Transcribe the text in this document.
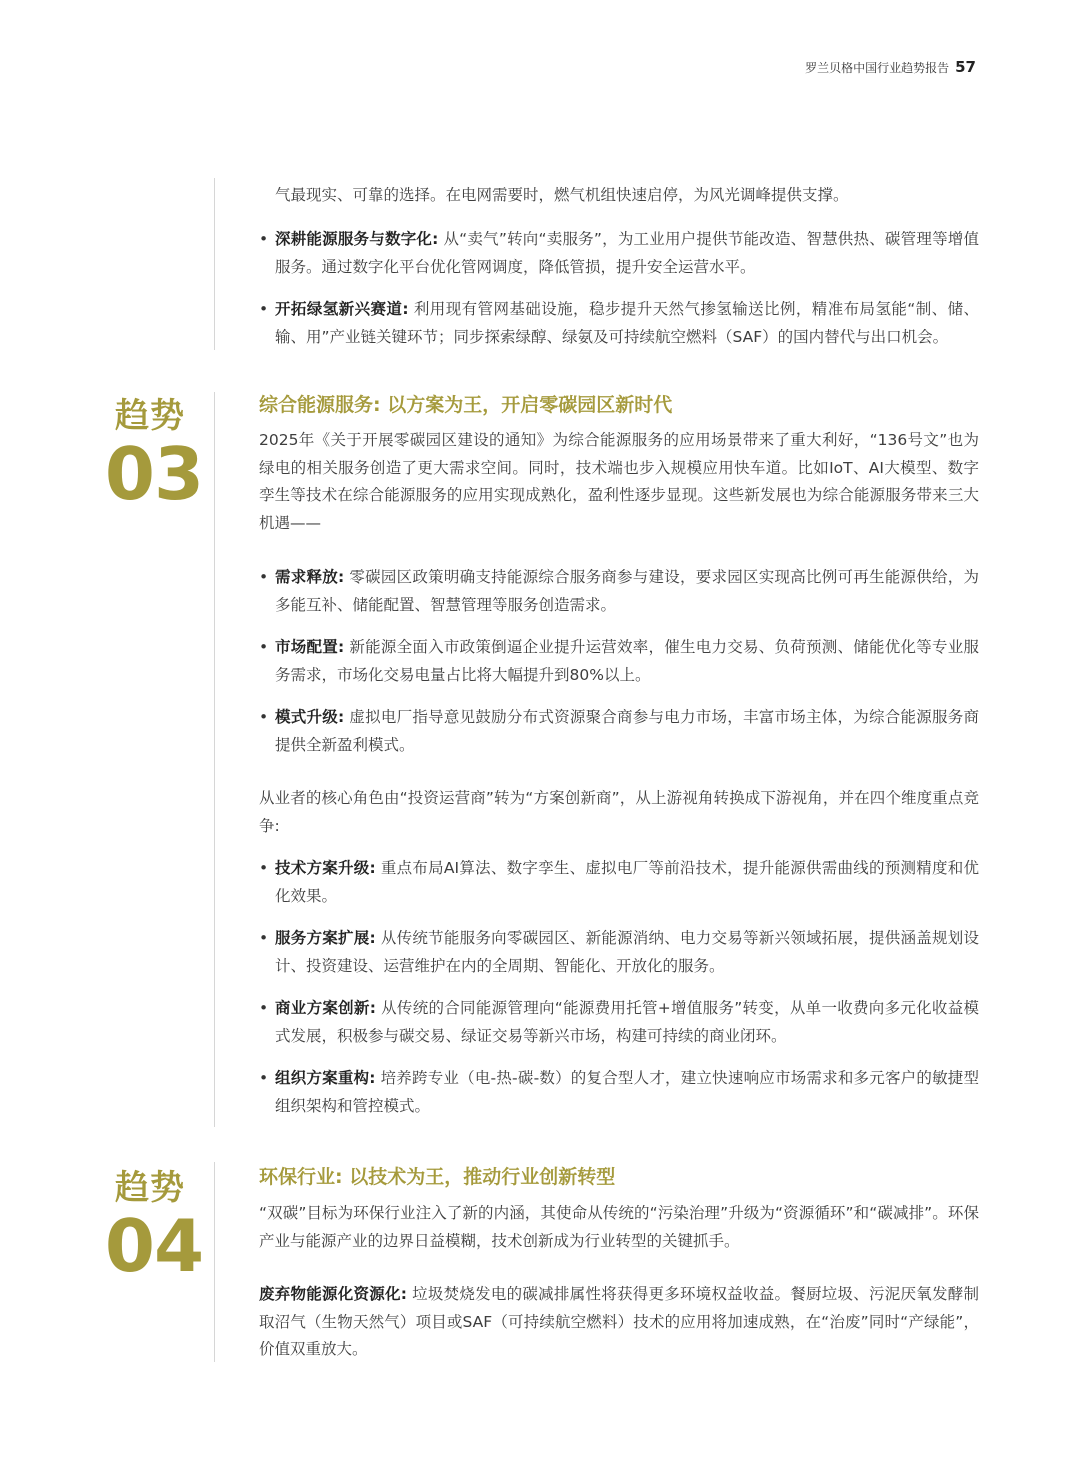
罗兰贝格中国行业趋势报告 57

气最现实、可靠的选择。在电网需要时，燃气机组快速启停，为风光调峰提供支撑。

• 深耕能源服务与数字化: 从“卖气”转向“卖服务”，为工业用户提供节能改造、智慧供热、碳管理等增值服务。通过数字化平台优化管网调度，降低管损，提升安全运营水平。
• 开拓绿氢新兴赛道: 利用现有管网基础设施，稳步提升天然气掺氢输送比例，精准布局氢能“制、储、输、用”产业链关键环节；同步探索绿醇、绿氨及可持续航空燃料（SAF）的国内替代与出口机会。
趋势
03
综合能源服务: 以方案为王，开启零碳园区新时代

2025年《关于开展零碳园区建设的通知》为综合能源服务的应用场景带来了重大利好，“136号文”也为绿电的相关服务创造了更大需求空间。同时，技术端也步入规模应用快车道。比如IoT、AI大模型、数字孪生等技术在综合能源服务的应用实现成熟化，盈利性逐步显现。这些新发展也为综合能源服务带来三大机遇——

• 需求释放: 零碳园区政策明确支持能源综合服务商参与建设，要求园区实现高比例可再生能源供给，为多能互补、储能配置、智慧管理等服务创造需求。
• 市场配置: 新能源全面入市政策倒逼企业提升运营效率，催生电力交易、负荷预测、储能优化等专业服务需求，市场化交易电量占比将大幅提升到80%以上。
• 模式升级: 虚拟电厂指导意见鼓励分布式资源聚合商参与电力市场，丰富市场主体，为综合能源服务商提供全新盈利模式。

从业者的核心角色由“投资运营商”转为“方案创新商”，从上游视角转换成下游视角，并在四个维度重点竞争:

• 技术方案升级: 重点布局AI算法、数字孪生、虚拟电厂等前沿技术，提升能源供需曲线的预测精度和优化效果。
• 服务方案扩展: 从传统节能服务向零碳园区、新能源消纳、电力交易等新兴领域拓展，提供涵盖规划设计、投资建设、运营维护在内的全周期、智能化、开放化的服务。
• 商业方案创新: 从传统的合同能源管理向“能源费用托管+增值服务”转变，从单一收费向多元化收益模式发展，积极参与碳交易、绿证交易等新兴市场，构建可持续的商业闭环。
• 组织方案重构: 培养跨专业（电-热-碳-数）的复合型人才，建立快速响应市场需求和多元客户的敏捷型组织架构和管控模式。
趋势
04
环保行业: 以技术为王，推动行业创新转型

“双碳”目标为环保行业注入了新的内涵，其使命从传统的“污染治理”升级为“资源循环”和“碳减排”。环保产业与能源产业的边界日益模糊，技术创新成为行业转型的关键抓手。

废弃物能源化资源化: 垃圾焚烧发电的碳减排属性将获得更多环境权益收益。餐厨垃圾、污泥厌氧发酵制取沼气（生物天然气）项目或SAF（可持续航空燃料）技术的应用将加速成熟，在“治废”同时“产绿能”，价值双重放大。
